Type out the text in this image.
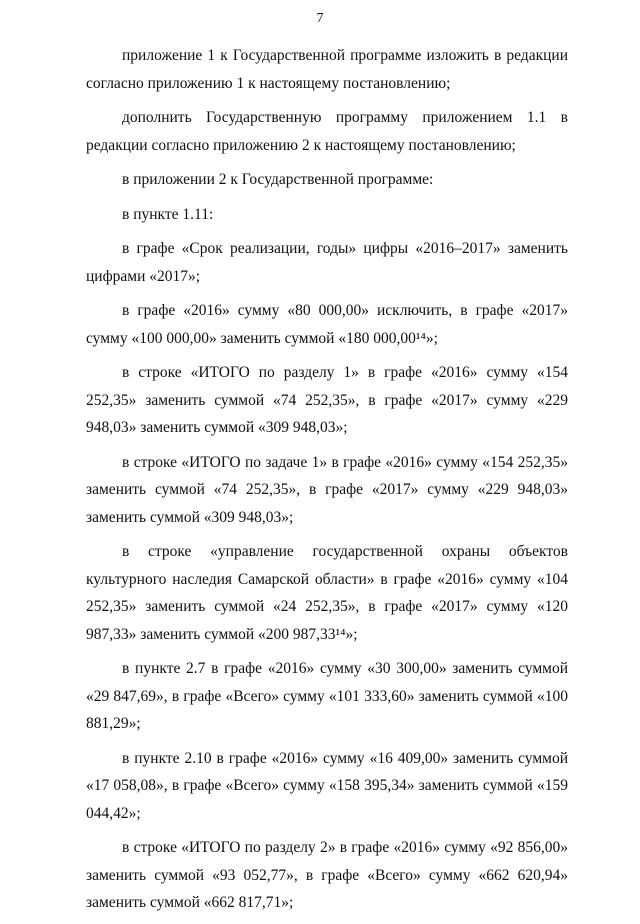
7

приложение 1 к Государственной программе изложить в редакции согласно приложению 1 к настоящему постановлению;

дополнить Государственную программу приложением 1.1 в редакции согласно приложению 2 к настоящему постановлению;

в приложении 2 к Государственной программе:

в пункте 1.11:

в графе «Срок реализации, годы» цифры «2016–2017» заменить цифрами «2017»;

в графе «2016» сумму «80 000,00» исключить, в графе «2017» сумму «100 000,00» заменить суммой «180 000,00¹⁴»;

в строке «ИТОГО по разделу 1» в графе «2016» сумму «154 252,35» заменить суммой «74 252,35», в графе «2017» сумму «229 948,03» заменить суммой «309 948,03»;

в строке «ИТОГО по задаче 1» в графе «2016» сумму «154 252,35» заменить суммой «74 252,35», в графе «2017» сумму «229 948,03» заменить суммой «309 948,03»;

в строке «управление государственной охраны объектов культурного наследия Самарской области» в графе «2016» сумму «104 252,35» заменить суммой «24 252,35», в графе «2017» сумму «120 987,33» заменить суммой «200 987,33¹⁴»;

в пункте 2.7 в графе «2016» сумму «30 300,00» заменить суммой «29 847,69», в графе «Всего» сумму «101 333,60» заменить суммой «100 881,29»;

в пункте 2.10 в графе «2016» сумму «16 409,00» заменить суммой «17 058,08», в графе «Всего» сумму «158 395,34» заменить суммой «159 044,42»;

в строке «ИТОГО по разделу 2» в графе «2016» сумму «92 856,00» заменить суммой «93 052,77», в графе «Всего» сумму «662 620,94» заменить суммой «662 817,71»;
